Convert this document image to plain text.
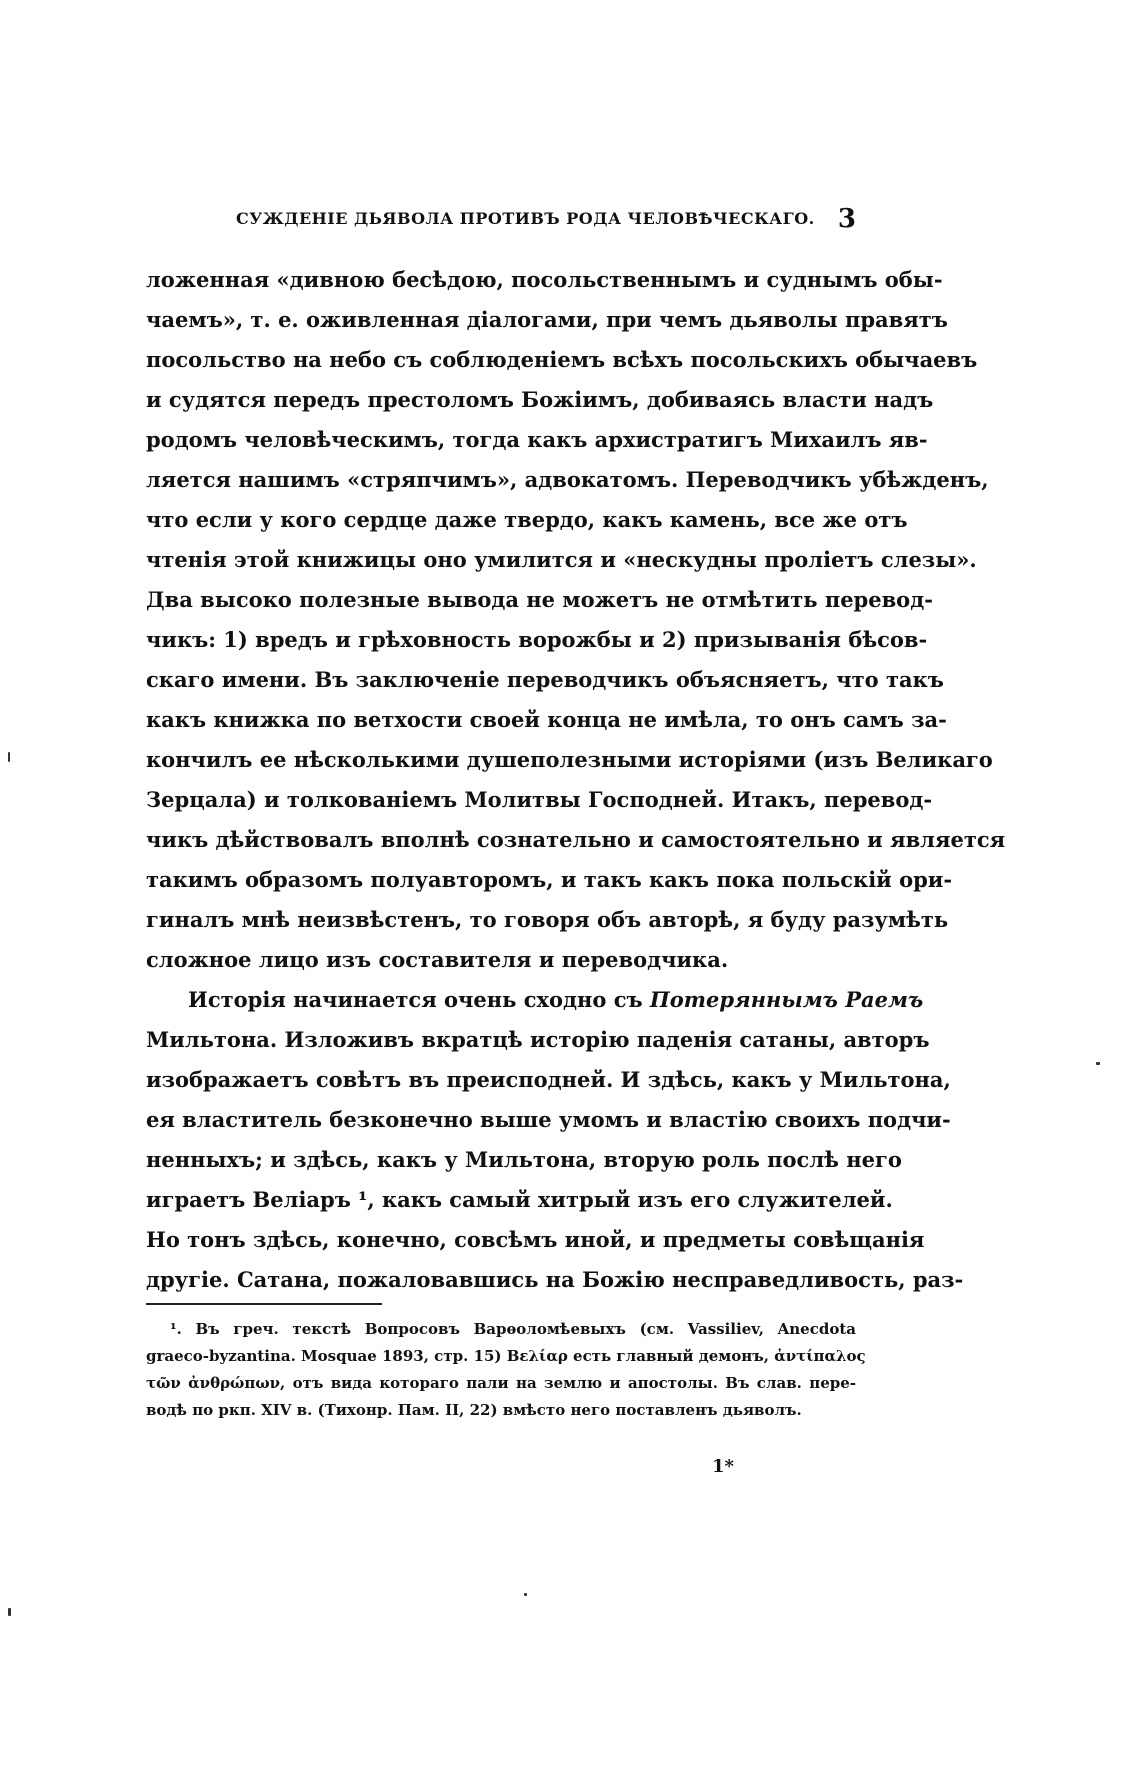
СУЖДЕНІЕ ДЬЯВОЛА ПРОТИВЪ РОДА ЧЕЛОВѢЧЕСКАГО. 3
ложенная «дивною бесѣдою, посольственнымъ и суднымъ обы-
чаемъ», т. е. оживленная діалогами, при чемъ дьяволы правятъ
посольство на небо съ соблюденіемъ всѣхъ посольскихъ обычаевъ
и судятся передъ престоломъ Божіимъ, добиваясь власти надъ
родомъ человѣческимъ, тогда какъ архистратигъ Михаилъ яв-
ляется нашимъ «стряпчимъ», адвокатомъ. Переводчикъ убѣжденъ,
что если у кого сердце даже твердо, какъ камень, все же отъ
чтенія этой книжицы оно умилится и «нескудны проліетъ слезы».
Два высоко полезные вывода не можетъ не отмѣтить перевод-
чикъ: 1) вредъ и грѣховность ворожбы и 2) призыванія бѣсов-
скаго имени. Въ заключеніе переводчикъ объясняетъ, что такъ
какъ книжка по ветхости своей конца не имѣла, то онъ самъ за-
кончилъ ее нѣсколькими душеполезными исторіями (изъ Великаго
Зерцала) и толкованіемъ Молитвы Господней. Итакъ, перевод-
чикъ дѣйствовалъ вполнѣ сознательно и самостоятельно и является
такимъ образомъ полуавторомъ, и такъ какъ пока польскій ори-
гиналъ мнѣ неизвѣстенъ, то говоря объ авторѣ, я буду разумѣть
сложное лицо изъ составителя и переводчика.
Исторія начинается очень сходно съ Потеряннымъ Раемъ
Мильтона. Изложивъ вкратцѣ исторію паденія сатаны, авторъ
изображаетъ совѣтъ въ преисподней. И здѣсь, какъ у Мильтона,
ея властитель безконечно выше умомъ и властію своихъ подчи-
ненныхъ; и здѣсь, какъ у Мильтона, вторую роль послѣ него
играетъ Веліаръ ¹, какъ самый хитрый изъ его служителей.
Но тонъ здѣсь, конечно, совсѣмъ иной, и предметы совѣщанія
другіе. Сатана, пожаловавшись на Божію несправедливость, раз-
¹. Въ греч. текстѣ Вопросовъ Варѳоломѣевыхъ (см. Vassiliev, Anecdota
graeco-byzantina. Mosquae 1893, стр. 15) Βελίαρ есть главный демонъ, ἀντίπαλος
τῶν ἀνθρώπων, отъ вида котораго пали на землю и апостолы. Въ слав. пере-
водѣ по ркп. XIV в. (Тихонр. Пам. II, 22) вмѣсто него поставленъ дьяволъ.
1*
